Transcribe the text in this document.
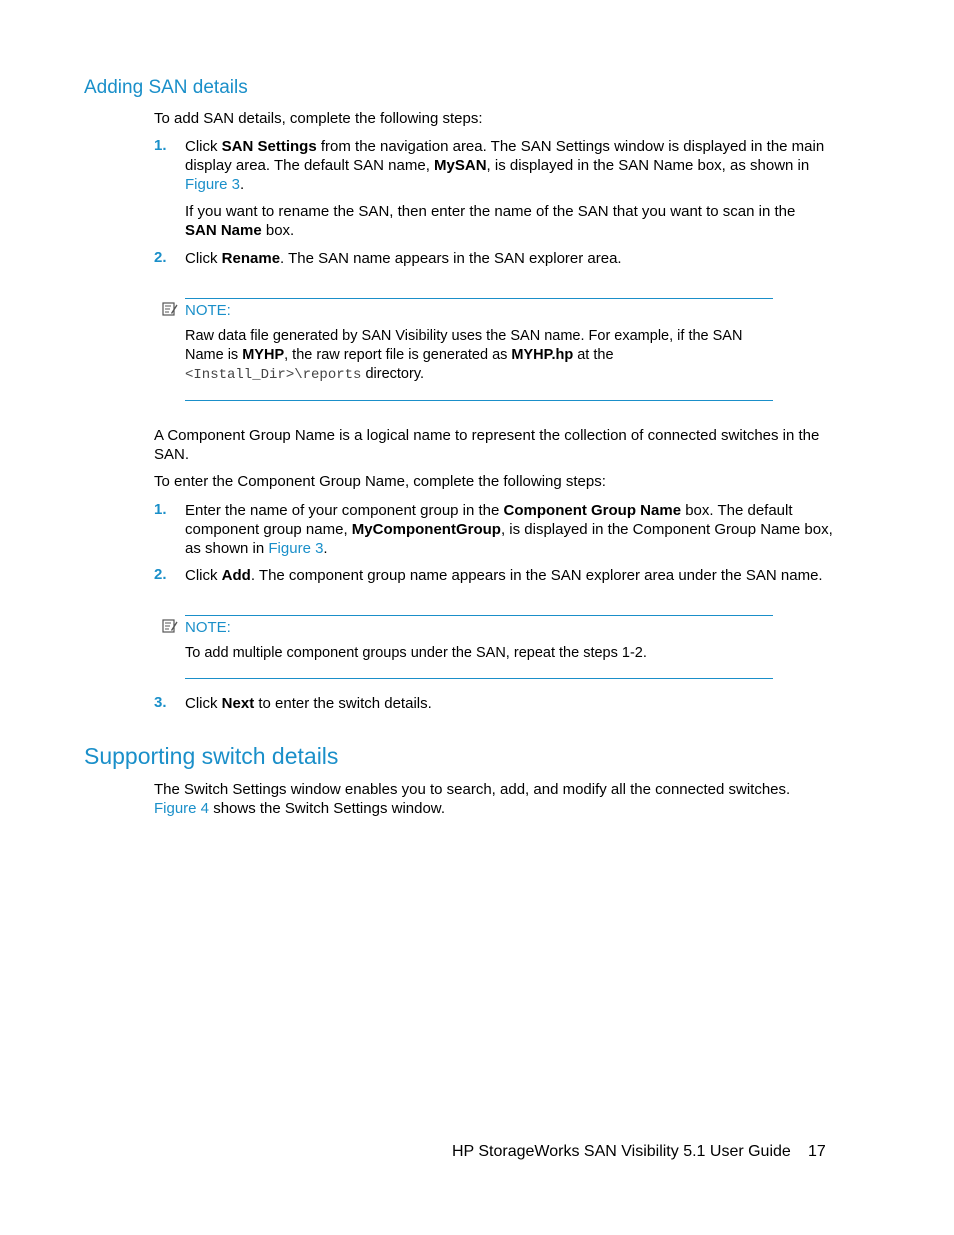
Adding SAN details

To add SAN details, complete the following steps:

1. Click SAN Settings from the navigation area. The SAN Settings window is displayed in the main display area. The default SAN name, MySAN, is displayed in the SAN Name box, as shown in Figure 3.

If you want to rename the SAN, then enter the name of the SAN that you want to scan in the SAN Name box.

2. Click Rename. The SAN name appears in the SAN explorer area.

NOTE:

Raw data file generated by SAN Visibility uses the SAN name. For example, if the SAN Name is MYHP, the raw report file is generated as MYHP.hp at the <Install_Dir>\reports directory.

A Component Group Name is a logical name to represent the collection of connected switches in the SAN.

To enter the Component Group Name, complete the following steps:

1. Enter the name of your component group in the Component Group Name box. The default component group name, MyComponentGroup, is displayed in the Component Group Name box, as shown in Figure 3.

2. Click Add. The component group name appears in the SAN explorer area under the SAN name.

NOTE:

To add multiple component groups under the SAN, repeat the steps 1-2.

3. Click Next to enter the switch details.

Supporting switch details

The Switch Settings window enables you to search, add, and modify all the connected switches. Figure 4 shows the Switch Settings window.

HP StorageWorks SAN Visibility 5.1 User Guide 17
